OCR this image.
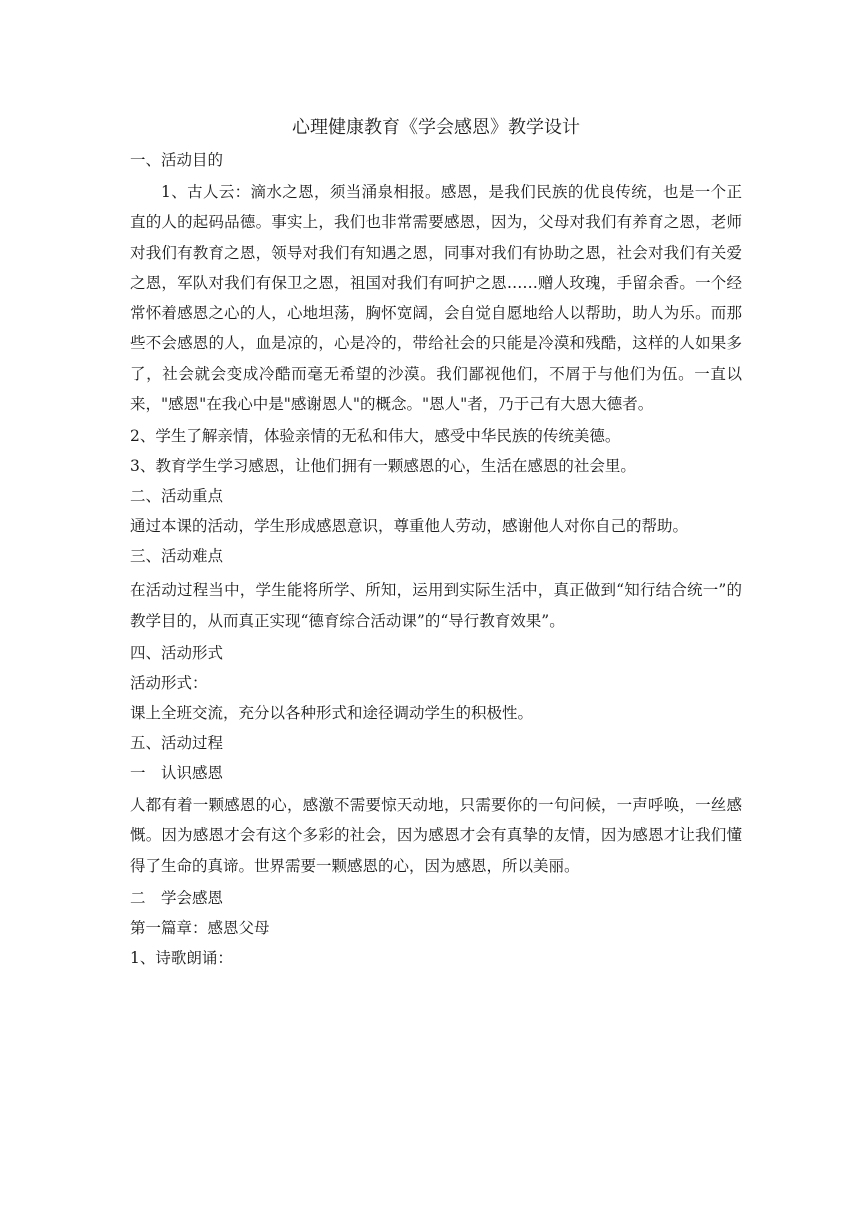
心理健康教育《学会感恩》教学设计

一、活动目的

1、古人云：滴水之恩，须当涌泉相报。感恩，是我们民族的优良传统，也是一个正直的人的起码品德。事实上，我们也非常需要感恩，因为，父母对我们有养育之恩，老师对我们有教育之恩，领导对我们有知遇之恩，同事对我们有协助之恩，社会对我们有关爱之恩，军队对我们有保卫之恩，祖国对我们有呵护之恩……赠人玫瑰，手留余香。一个经常怀着感恩之心的人，心地坦荡，胸怀宽阔，会自觉自愿地给人以帮助，助人为乐。而那些不会感恩的人，血是凉的，心是冷的，带给社会的只能是冷漠和残酷，这样的人如果多了，社会就会变成冷酷而毫无希望的沙漠。我们鄙视他们，不屑于与他们为伍。一直以来，"感恩"在我心中是"感谢恩人"的概念。"恩人"者，乃于己有大恩大德者。

2、学生了解亲情，体验亲情的无私和伟大，感受中华民族的传统美德。

3、教育学生学习感恩，让他们拥有一颗感恩的心，生活在感恩的社会里。

二、活动重点

通过本课的活动，学生形成感恩意识，尊重他人劳动，感谢他人对你自己的帮助。

三、活动难点

在活动过程当中，学生能将所学、所知，运用到实际生活中，真正做到“知行结合统一”的教学目的，从而真正实现“德育综合活动课”的“导行教育效果”。

四、活动形式

活动形式：

课上全班交流，充分以各种形式和途径调动学生的积极性。

五、活动过程

一　认识感恩

人都有着一颗感恩的心，感激不需要惊天动地，只需要你的一句问候，一声呼唤，一丝感慨。因为感恩才会有这个多彩的社会，因为感恩才会有真挚的友情，因为感恩才让我们懂得了生命的真谛。世界需要一颗感恩的心，因为感恩，所以美丽。

二　学会感恩

第一篇章：感恩父母

1、诗歌朗诵：
